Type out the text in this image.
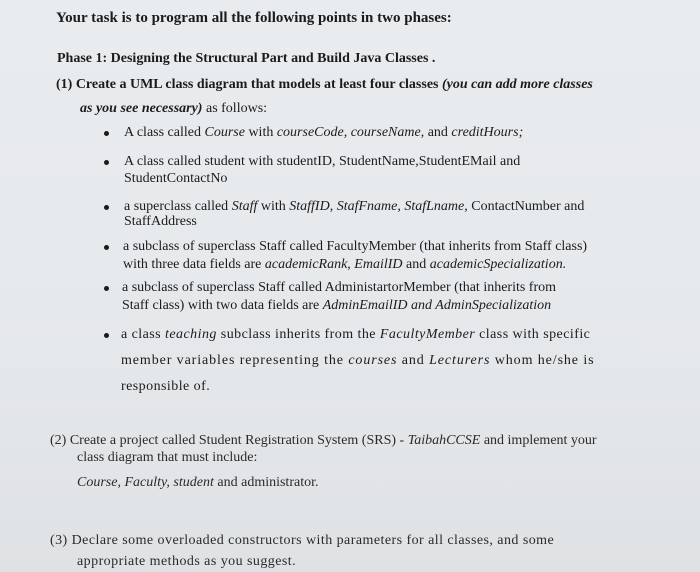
Your task is to program all the following points in two phases:
Phase 1: Designing the Structural Part and Build Java Classes .
(1) Create a UML class diagram that models at least four classes (you can add more classes
as you see necessary) as follows:
A class called Course with courseCode, courseName, and creditHours;
A class called student with studentID, StudentName,StudentEMail and
StudentContactNo
a superclass called Staff with StaffID, StafFname, StafLname, ContactNumber and
StaffAddress
a subclass of superclass Staff called FacultyMember (that inherits from Staff class)
with three data fields are academicRank, EmailID and academicSpecialization.
a subclass of superclass Staff called AdministartorMember (that inherits from
Staff class) with two data fields are AdminEmailID and AdminSpecialization
a class teaching subclass inherits from the FacultyMember class with specific
member variables representing the courses and Lecturers whom he/she is
responsible of.
(2) Create a project called Student Registration System (SRS) - TaibahCCSE and implement your
class diagram that must include:
Course, Faculty, student and administrator.
(3) Declare some overloaded constructors with parameters for all classes, and some
appropriate methods as you suggest.
